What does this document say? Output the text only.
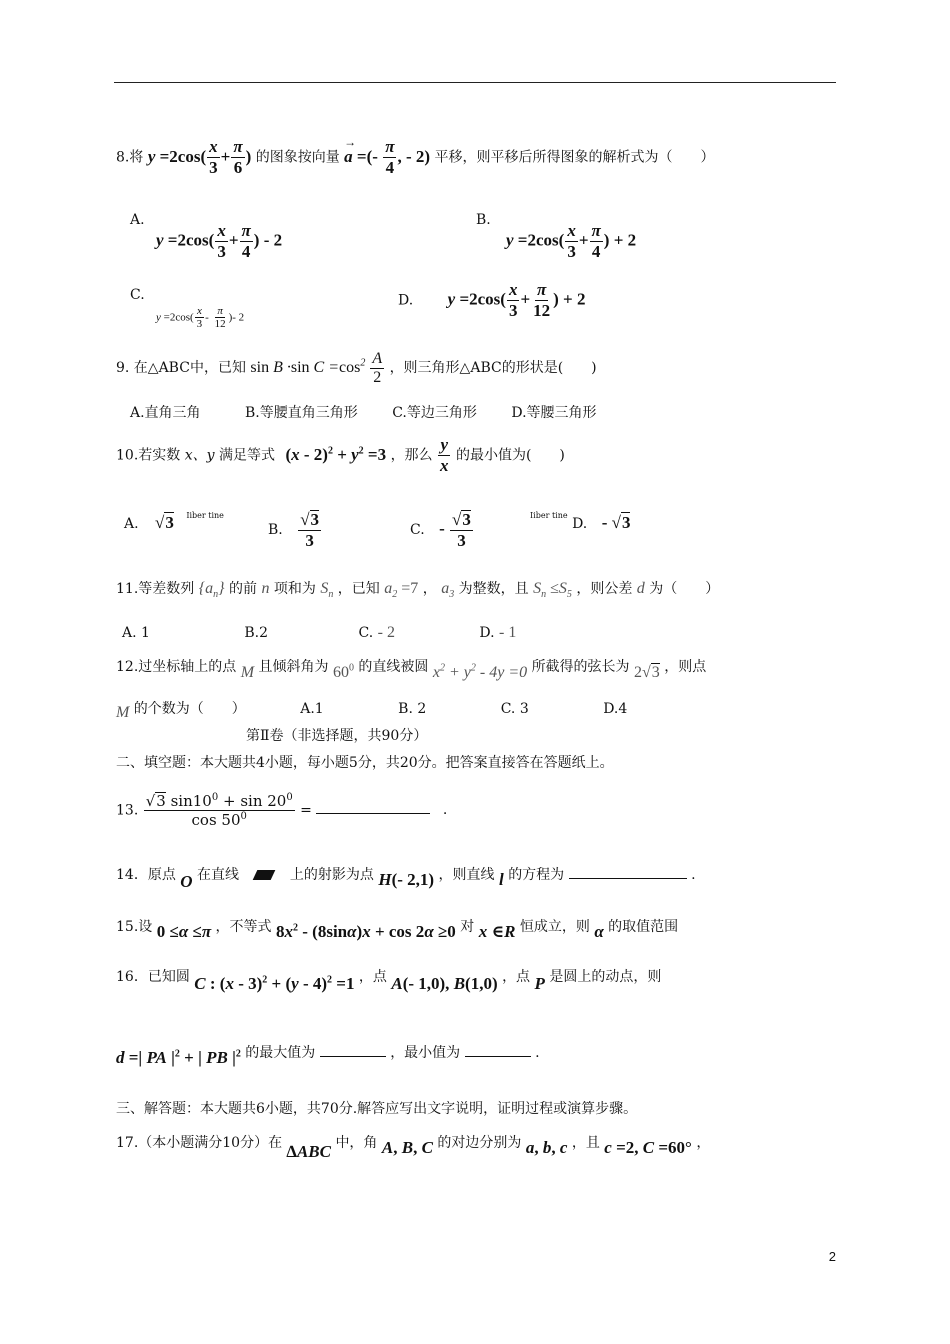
8.将 $y =2\cos( \frac{x}{3} + \frac{\pi}{6}$ ) 的图象按向量
→
a =(- $\frac{\pi}{4}$ , - 2) 平移，则平移后所得图象的解析式为（　　）
A.
$y =2\cos( \frac{x}{3} + \frac{\pi}{4}$ ) - 2
B.
$y =2\cos( \frac{x}{3} + \frac{\pi}{4}$ ) + 2
C.
$y =2\cos( \frac{x}{3} - \frac{\pi}{12}$ )- 2
D. $y =2\cos( \frac{x}{3} + \frac{\pi}{12}$ ) + 2
9. 在△ABC中，已知 sin B ·sin $C =\cos^2 \frac{A}{2}$ ，则三角形△ABC的形状是(　　)
A.直角三角	B.等腰直角三角形 C.等边三角形 D.等腰三角形
10.若实数 x、y 满足等式 $(x - 2)^2 + y^2 =3$ ，那么 $\frac{y}{x}$ 的最小值为(　　)
A. √3 Iiber tine
B. $\frac{√3}{3}$	C. - $\frac{√3}{3}$	Iiber tine D. - √3
11.等差数列 $\{a_n\}$ 的前 n 项和为 $S_n$ ，已知 $a_2 =7$ ， $a_3$ 为整数，且 $S_n \le S_5$ ，则公差 d 为（　　）
A. 1	B.2	C. - 2	D. - 1
12.过坐标轴上的点 M 且倾斜角为 $60^0$ 的直线被圆 $x^2 + y^2 - 4y =0$ 所截得的弦长为 2√3 ，则点
M 的个数为（　　）	A.1	B. 2	C. 3	D.4
第Ⅱ卷（非选择题，共90分）
二、填空题：本大题共4小题，每小题5分，共20分。把答案直接答在答题纸上。
13. $\frac{√3 \sin 10^0 + \sin 20^0}{\cos 50^0}$ =	.
14．原点 O 在直线	上的射影为点 H(- 2,1) ，则直线 l 的方程为	.
15.设 0 ≤α ≤π ，不等式 $8x^2 - (8\sin\alpha)x + \cos 2\alpha \ge 0$ 对 x ∈R 恒成立，则 α 的取值范围
16．已知圆 C : (x - 3)$^2$ + (y - 4)$^2$ =1 ，点 A(- 1,0), B(1,0) ，点 P 是圆上的动点，则
d =| PA $|^2$ + | PB $|^2$ 的最大值为	，最小值为	.
三、解答题：本大题共6小题，共70分.解答应写出文字说明，证明过程或演算步骤。
17.（本小题满分10分）在 ∆ABC 中，角 A, B, C 的对边分别为 a, b, c ，且 c =2, C =60° ，
2
